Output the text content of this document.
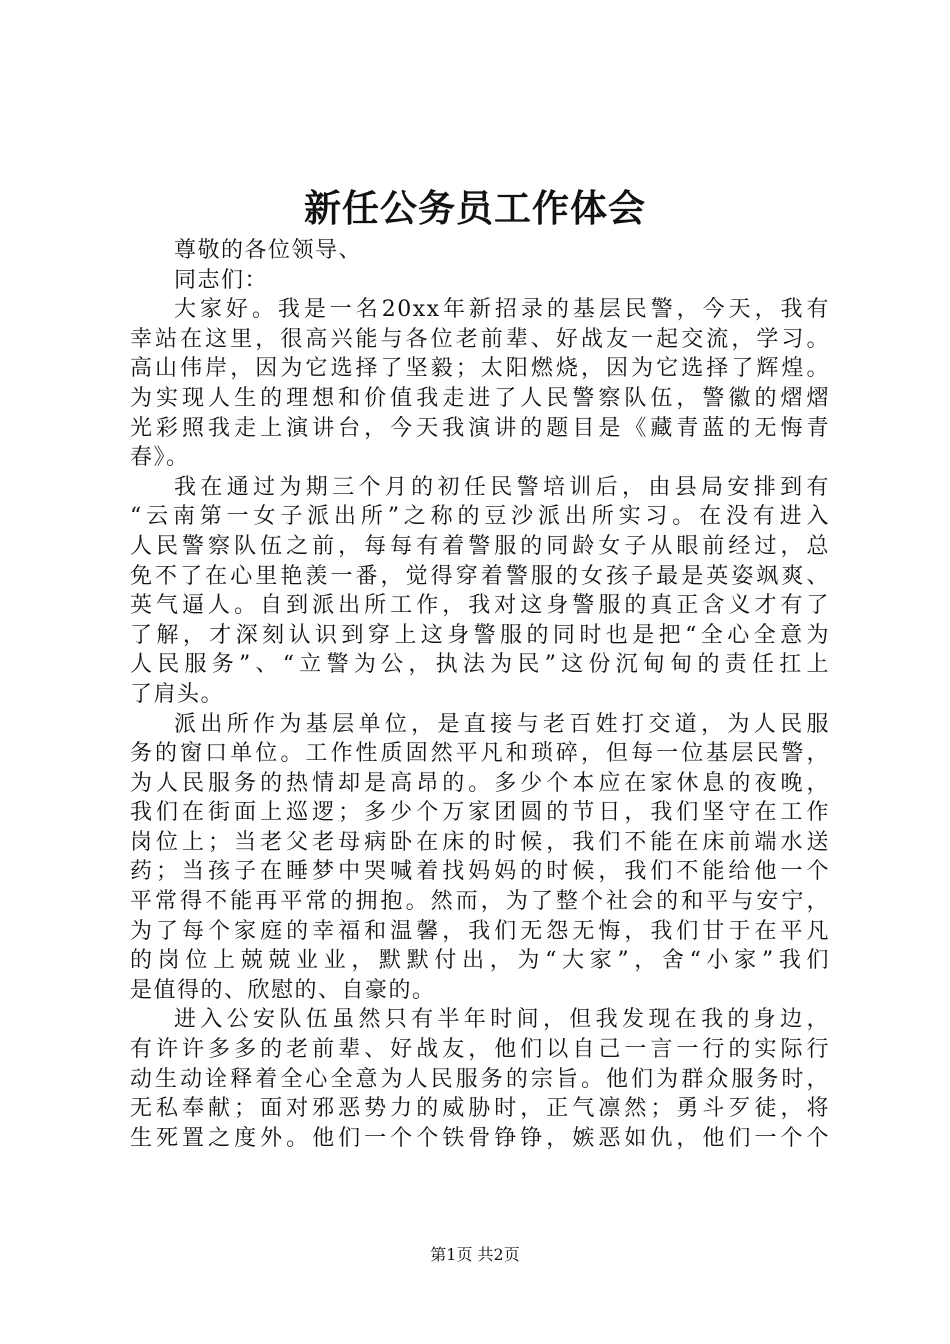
新任公务员工作体会
尊敬的各位领导、
同志们：
大家好。我是一名20xx年新招录的基层民警，今天，我有
幸站在这里，很高兴能与各位老前辈、好战友一起交流，学习。
高山伟岸，因为它选择了坚毅；太阳燃烧，因为它选择了辉煌。
为实现人生的理想和价值我走进了人民警察队伍，警徽的熠熠
光彩照我走上演讲台，今天我演讲的题目是《藏青蓝的无悔青
春》。
我在通过为期三个月的初任民警培训后，由县局安排到有
“云南第一女子派出所”之称的豆沙派出所实习。在没有进入
人民警察队伍之前，每每有着警服的同龄女子从眼前经过，总
免不了在心里艳羡一番，觉得穿着警服的女孩子最是英姿飒爽、
英气逼人。自到派出所工作，我对这身警服的真正含义才有了
了解，才深刻认识到穿上这身警服的同时也是把“全心全意为
人民服务”、“立警为公，执法为民”这份沉甸甸的责任扛上
了肩头。
派出所作为基层单位，是直接与老百姓打交道，为人民服
务的窗口单位。工作性质固然平凡和琐碎，但每一位基层民警，
为人民服务的热情却是高昂的。多少个本应在家休息的夜晚，
我们在街面上巡逻；多少个万家团圆的节日，我们坚守在工作
岗位上；当老父老母病卧在床的时候，我们不能在床前端水送
药；当孩子在睡梦中哭喊着找妈妈的时候，我们不能给他一个
平常得不能再平常的拥抱。然而，为了整个社会的和平与安宁，
为了每个家庭的幸福和温馨，我们无怨无悔，我们甘于在平凡
的岗位上兢兢业业，默默付出，为“大家”，舍“小家”我们
是值得的、欣慰的、自豪的。
进入公安队伍虽然只有半年时间，但我发现在我的身边，
有许许多多的老前辈、好战友，他们以自己一言一行的实际行
动生动诠释着全心全意为人民服务的宗旨。他们为群众服务时，
无私奉献；面对邪恶势力的威胁时，正气凛然；勇斗歹徒，将
生死置之度外。他们一个个铁骨铮铮，嫉恶如仇，他们一个个
第1页 共2页
